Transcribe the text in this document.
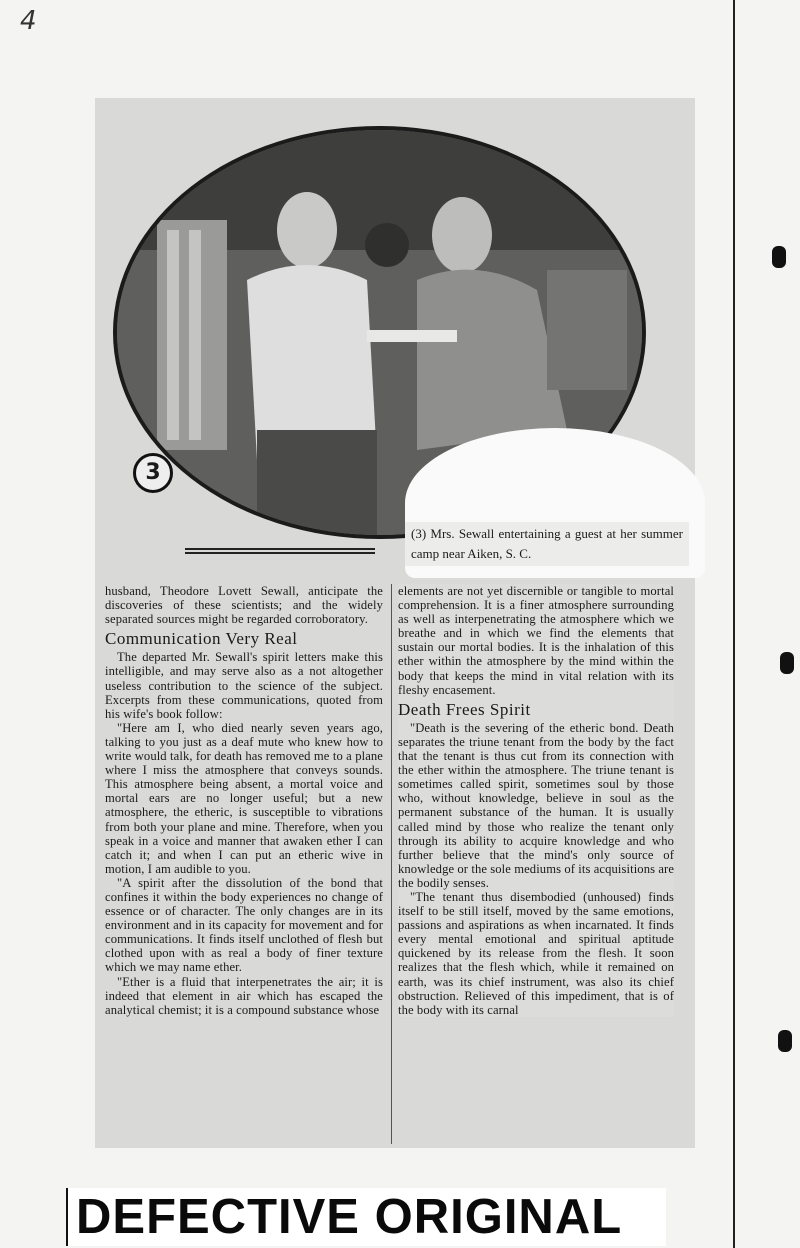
4
3
(3) Mrs. Sewall entertaining a guest at her summer camp near Aiken, S. C.

husband, Theodore Lovett Sewall, anticipate the discoveries of these scientists; and the widely separated sources might be regarded corroboratory.

Communication Very Real

The departed Mr. Sewall's spirit letters make this intelligible, and may serve also as a not altogether useless contribution to the science of the subject. Excerpts from these communications, quoted from his wife's book follow:

"Here am I, who died nearly seven years ago, talking to you just as a deaf mute who knew how to write would talk, for death has removed me to a plane where I miss the atmosphere that conveys sounds. This atmosphere being absent, a mortal voice and mortal ears are no longer useful; but a new atmosphere, the etheric, is susceptible to vibrations from both your plane and mine. Therefore, when you speak in a voice and manner that awaken ether I can catch it; and when I can put an etheric wive in motion, I am audible to you.

"A spirit after the dissolution of the bond that confines it within the body experiences no change of essence or of character. The only changes are in its environment and in its capacity for movement and for communications. It finds itself unclothed of flesh but clothed upon with as real a body of finer texture which we may name ether.

"Ether is a fluid that interpenetrates the air; it is indeed that element in air which has escaped the analytical chemist; it is a compound substance whose

elements are not yet discernible or tangible to mortal comprehension. It is a finer atmosphere surrounding as well as interpenetrating the atmosphere which we breathe and in which we find the elements that sustain our mortal bodies. It is the inhalation of this ether within the atmosphere by the mind within the body that keeps the mind in vital relation with its fleshy encasement.

Death Frees Spirit

"Death is the severing of the etheric bond. Death separates the triune tenant from the body by the fact that the tenant is thus cut from its connection with the ether within the atmosphere. The triune tenant is sometimes called spirit, sometimes soul by those who, without knowledge, believe in soul as the permanent substance of the human. It is usually called mind by those who realize the tenant only through its ability to acquire knowledge and who further believe that the mind's only source of knowledge or the sole mediums of its acquisitions are the bodily senses.

"The tenant thus disembodied (unhoused) finds itself to be still itself, moved by the same emotions, passions and aspirations as when incarnated. It finds every mental emotional and spiritual aptitude quickened by its release from the flesh. It soon realizes that the flesh which, while it remained on earth, was its chief instrument, was also its chief obstruction. Relieved of this impediment, that is of the body with its carnal

DEFECTIVE ORIGINAL
